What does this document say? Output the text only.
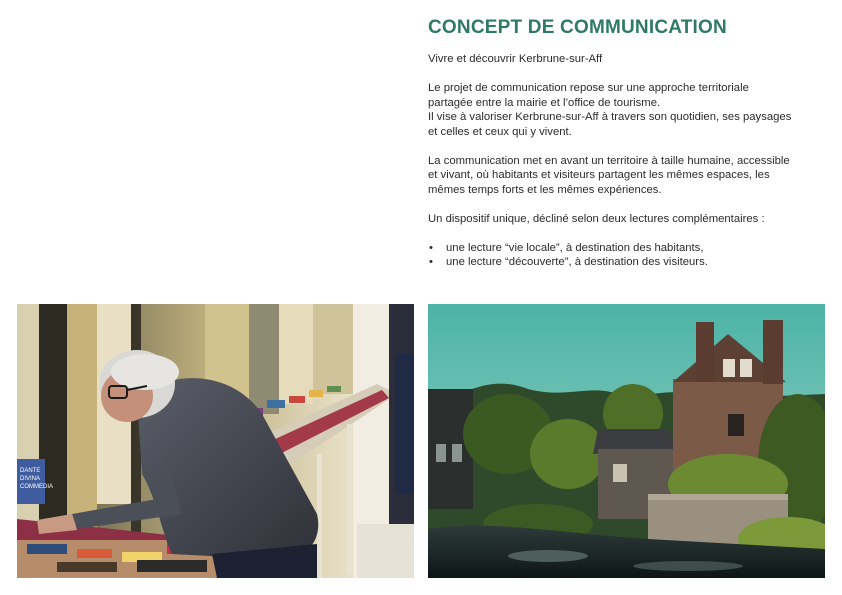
CONCEPT DE COMMUNICATION
Vivre et découvrir Kerbrune-sur-Aff
Le projet de communication repose sur une approche territoriale
partagée entre la mairie et l’office de tourisme.
Il vise à valoriser Kerbrune-sur-Aff à travers son quotidien, ses paysages
et celles et ceux qui y vivent.
La communication met en avant un territoire à taille humaine, accessible
et vivant, où habitants et visiteurs partagent les mêmes espaces, les
mêmes temps forts et les mêmes expériences.
Un dispositif unique, décliné selon deux lectures complémentaires :
• une lecture “vie locale”, à destination des habitants,
• une lecture “découverte”, à destination des visiteurs.
DANTE
DIVINA
COMMEDIA
